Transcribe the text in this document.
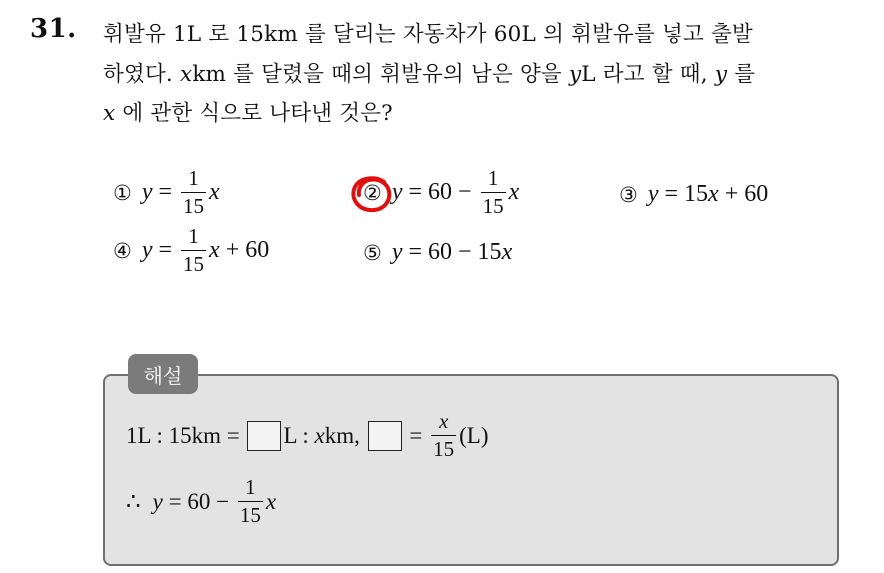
31. 휘발유 1L 로 15km 를 달리는 자동차가 60L 의 휘발유를 넣고 출발
하였다. xkm 를 달렸을 때의 휘발유의 남은 양을 yL 라고 할 때, y 를
x 에 관한 식으로 나타낸 것은?
① $y = \frac{1}{15}$ x	② $y = 60 - \frac{1}{15}$ x	③ y = 15 x + 60
④ $y = \frac{1}{15}$ x + 60	⑤ y = 60 − 15 x
해설
1L : 15km = L : x km, = $\frac{x}{15} (L)$
∴ $y = 60 - \frac{1}{15}$ x
